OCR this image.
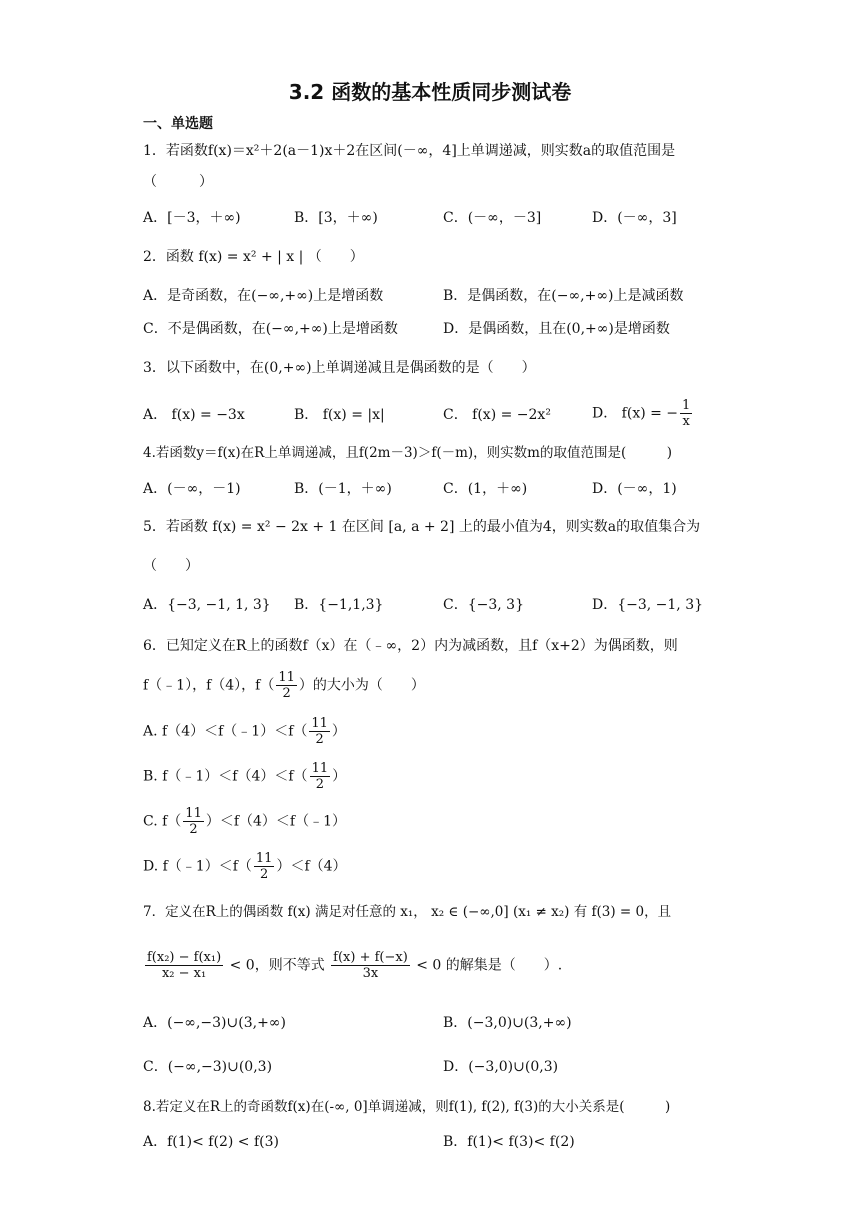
3.2 函数的基本性质同步测试卷
一、单选题
1．若函数f(x)＝x²＋2(a－1)x＋2在区间(－∞，4]上单调递减，则实数a的取值范围是
（　　　）
A．[－3，＋∞)	B．[3，＋∞)	C．(－∞，－3]	D．(－∞，3]
2．函数 f(x) = x² + | x | （　　）
A．是奇函数，在(−∞,+∞)上是增函数	B．是偶函数，在(−∞,+∞)上是减函数
C．不是偶函数，在(−∞,+∞)上是增函数	D．是偶函数，且在(0,+∞)是增函数
3．以下函数中，在(0,+∞)上单调递减且是偶函数的是（　　）
A． f(x) = −3x	B． f(x) = |x|	C． f(x) = −2x²	D． f(x) = − $\frac{1}{x}$
4.若函数y＝f(x)在R上单调递减，且f(2m－3)＞f(－m)，则实数m的取值范围是(　　　)
A．(－∞，－1)	B．(－1，＋∞)	C．(1，＋∞)	D．(－∞，1)
5．若函数 f(x) = x² − 2x + 1 在区间 [a, a + 2] 上的最小值为4，则实数a的取值集合为
（　　）
A．{−3, −1, 1, 3} B．{−1,1,3}	C．{−3, 3}	D．{−3, −1, 3}
6．已知定义在R上的函数f（x）在（﹣∞，2）内为减函数，且f（x+2）为偶函数，则
f（﹣1），f（4），$f( \frac{11}{2}$ ）的大小为（　　）
A. f（4）＜f（﹣1）＜f（ $\frac{11}{2}$ ）
B. f（﹣1）＜f（4）＜f（ $\frac{11}{2}$ ）
C. $f( \frac{11}{2}$ ）＜f（4）＜f（﹣1）
D. f（﹣1）＜f（ $\frac{11}{2} )<f(4)$
7．定义在R上的偶函数 f(x) 满足对任意的 x₁， x₂ ∈ (−∞,0] (x₁ ≠ x₂) 有 f(3) = 0，且
$\frac{\text{f(x₂) − f(x₁)}}{\text{x₂ − x₁}} < 0$，则不等式 $\frac{f(x) + f(-x)}{3x} < 0$ 的解集是（　　）.
A．(−∞,−3)∪(3,+∞)	B．(−3,0)∪(3,+∞)
C．(−∞,−3)∪(0,3)	D．(−3,0)∪(0,3)
8.若定义在R上的奇函数f(x)在(-∞, 0]单调递减，则f(1), f(2), f(3)的大小关系是(　　　)
A．f(1)< f(2) < f(3)	B．f(1)< f(3)< f(2)
